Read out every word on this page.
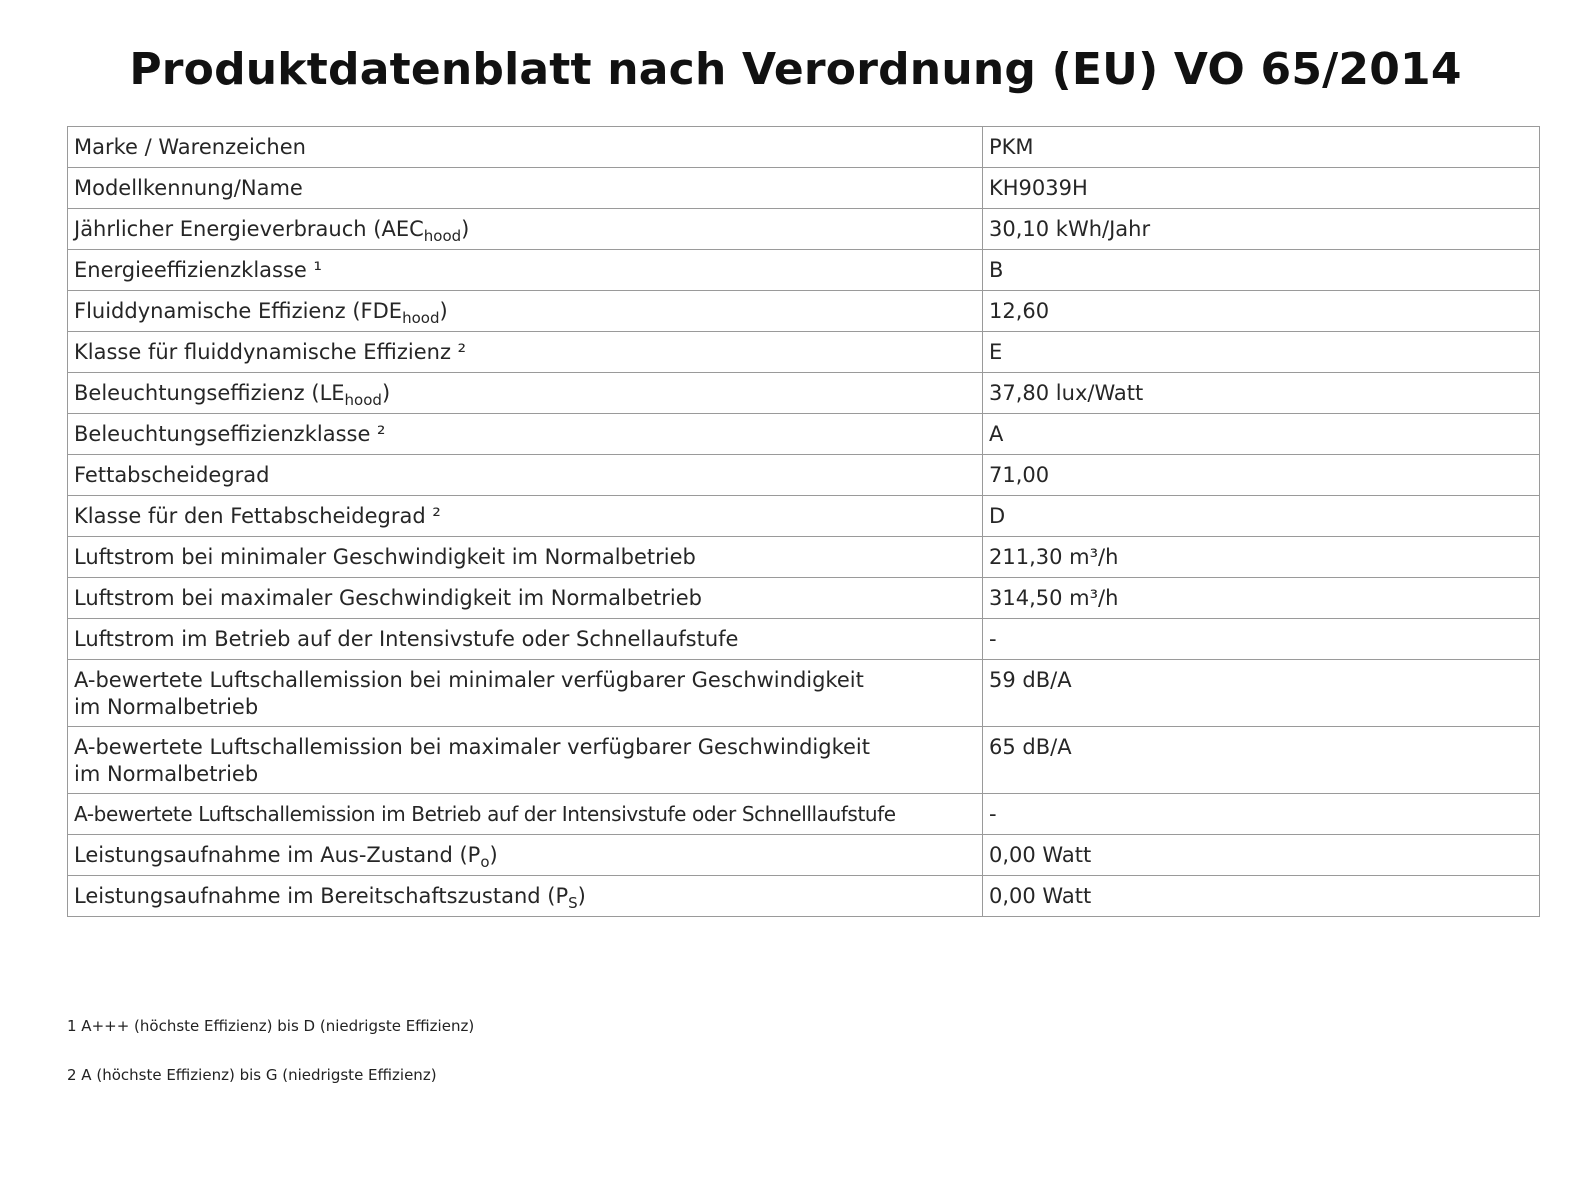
Produktdatenblatt nach Verordnung (EU) VO 65/2014
Marke / Warenzeichen	PKM
Modellkennung/Name	KH9039H
Jährlicher Energieverbrauch $(AEC_{hood})$	30,10 kWh/Jahr
Energieeffizienzklasse ¹	B
Fluiddynamische Effizienz $(FDE_{hood})$	12,60
Klasse für fluiddynamische Effizienz ²	E
Beleuchtungseffizienz $(LE_{hood})$	37,80 lux/Watt
Beleuchtungseffizienzklasse ²	A
Fettabscheidegrad	71,00
Klasse für den Fettabscheidegrad ²	D
Luftstrom bei minimaler Geschwindigkeit im Normalbetrieb	211,30 m³/h
Luftstrom bei maximaler Geschwindigkeit im Normalbetrieb	314,50 m³/h
Luftstrom im Betrieb auf der Intensivstufe oder Schnellaufstufe	-
A-bewertete Luftschallemission bei minimaler verfügbarer Geschwindigkeit
im Normalbetrieb	59 dB/A
A-bewertete Luftschallemission bei maximaler verfügbarer Geschwindigkeit
im Normalbetrieb	65 dB/A
A-bewertete Luftschallemission im Betrieb auf der Intensivstufe oder Schnelllaufstufe	-
Leistungsaufnahme im Aus-Zustand $(P_o)$	0,00 Watt
Leistungsaufnahme im Bereitschaftszustand $(P_S)$	0,00 Watt
1 A+++ (höchste Effizienz) bis D (niedrigste Effizienz)
2 A (höchste Effizienz) bis G (niedrigste Effizienz)
